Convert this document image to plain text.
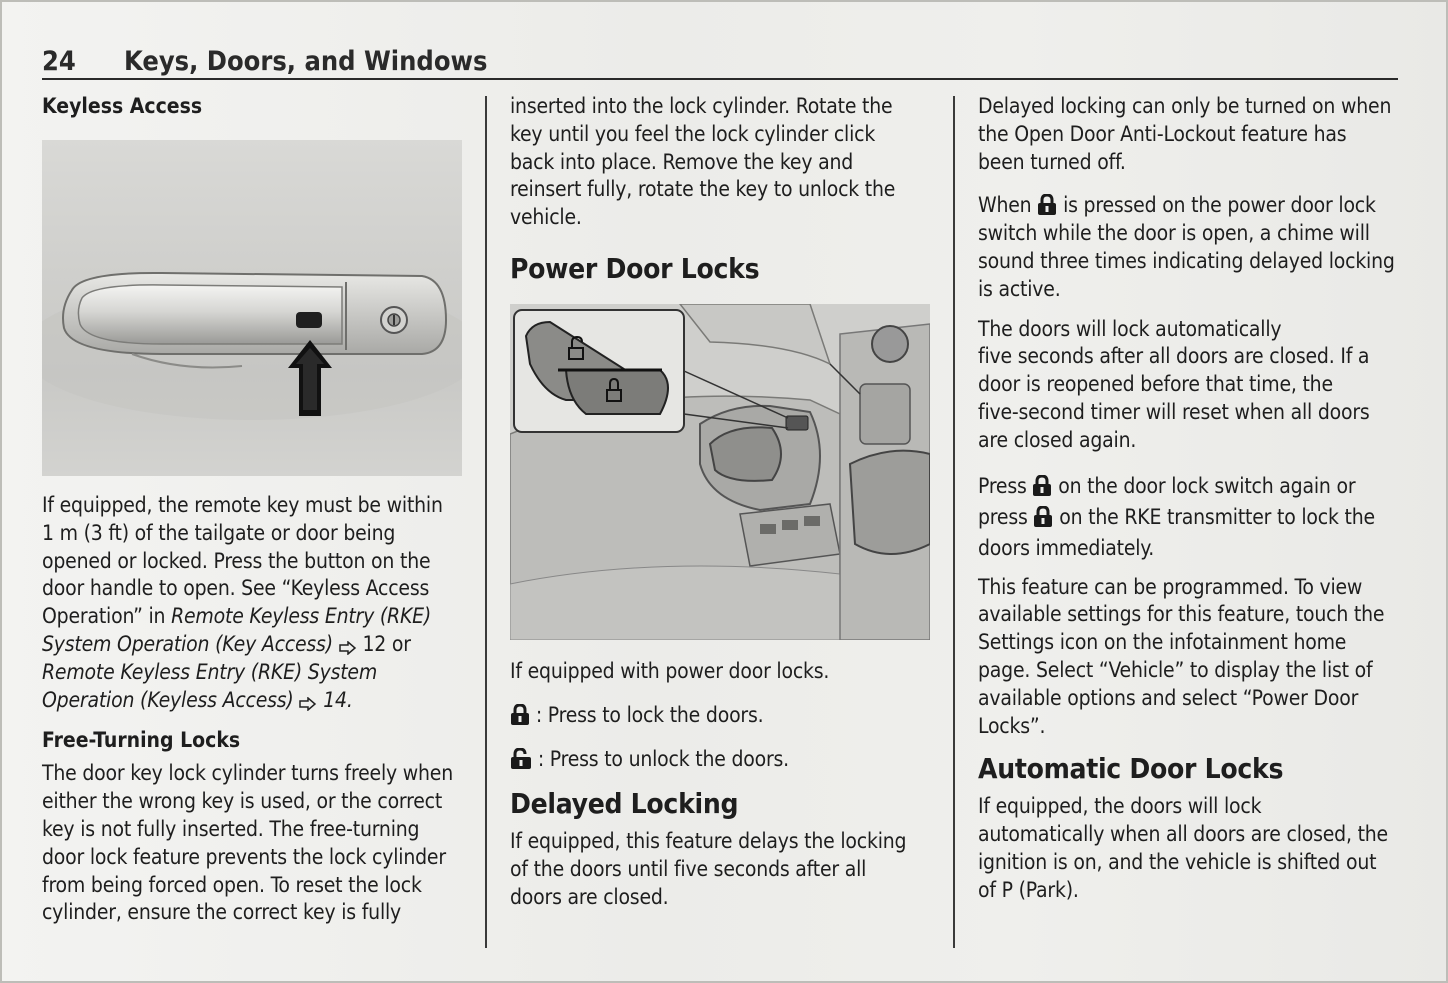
24 Keys, Doors, and Windows
Keyless Access

If equipped, the remote key must be within
1 m (3 ft) of the tailgate or door being
opened or locked. Press the button on the
door handle to open. See “Keyless Access
Operation” in Remote Keyless Entry (RKE)
System Operation (Key Access)  12 or
Remote Keyless Entry (RKE) System
Operation (Keyless Access)  14.

Free-Turning Locks

The door key lock cylinder turns freely when
either the wrong key is used, or the correct
key is not fully inserted. The free-turning
door lock feature prevents the lock cylinder
from being forced open. To reset the lock
cylinder, ensure the correct key is fully

inserted into the lock cylinder. Rotate the
key until you feel the lock cylinder click
back into place. Remove the key and
reinsert fully, rotate the key to unlock the
vehicle.

Power Door Locks

If equipped with power door locks.

: Press to lock the doors.

: Press to unlock the doors.

Delayed Locking

If equipped, this feature delays the locking
of the doors until five seconds after all
doors are closed.

Delayed locking can only be turned on when
the Open Door Anti-Lockout feature has
been turned off.

When  is pressed on the power door lock
switch while the door is open, a chime will
sound three times indicating delayed locking
is active.

The doors will lock automatically
five seconds after all doors are closed. If a
door is reopened before that time, the
five-second timer will reset when all doors
are closed again.

Press  on the door lock switch again or
press  on the RKE transmitter to lock the
doors immediately.

This feature can be programmed. To view
available settings for this feature, touch the
Settings icon on the infotainment home
page. Select “Vehicle” to display the list of
available options and select “Power Door
Locks”.

Automatic Door Locks

If equipped, the doors will lock
automatically when all doors are closed, the
ignition is on, and the vehicle is shifted out
of P (Park).
